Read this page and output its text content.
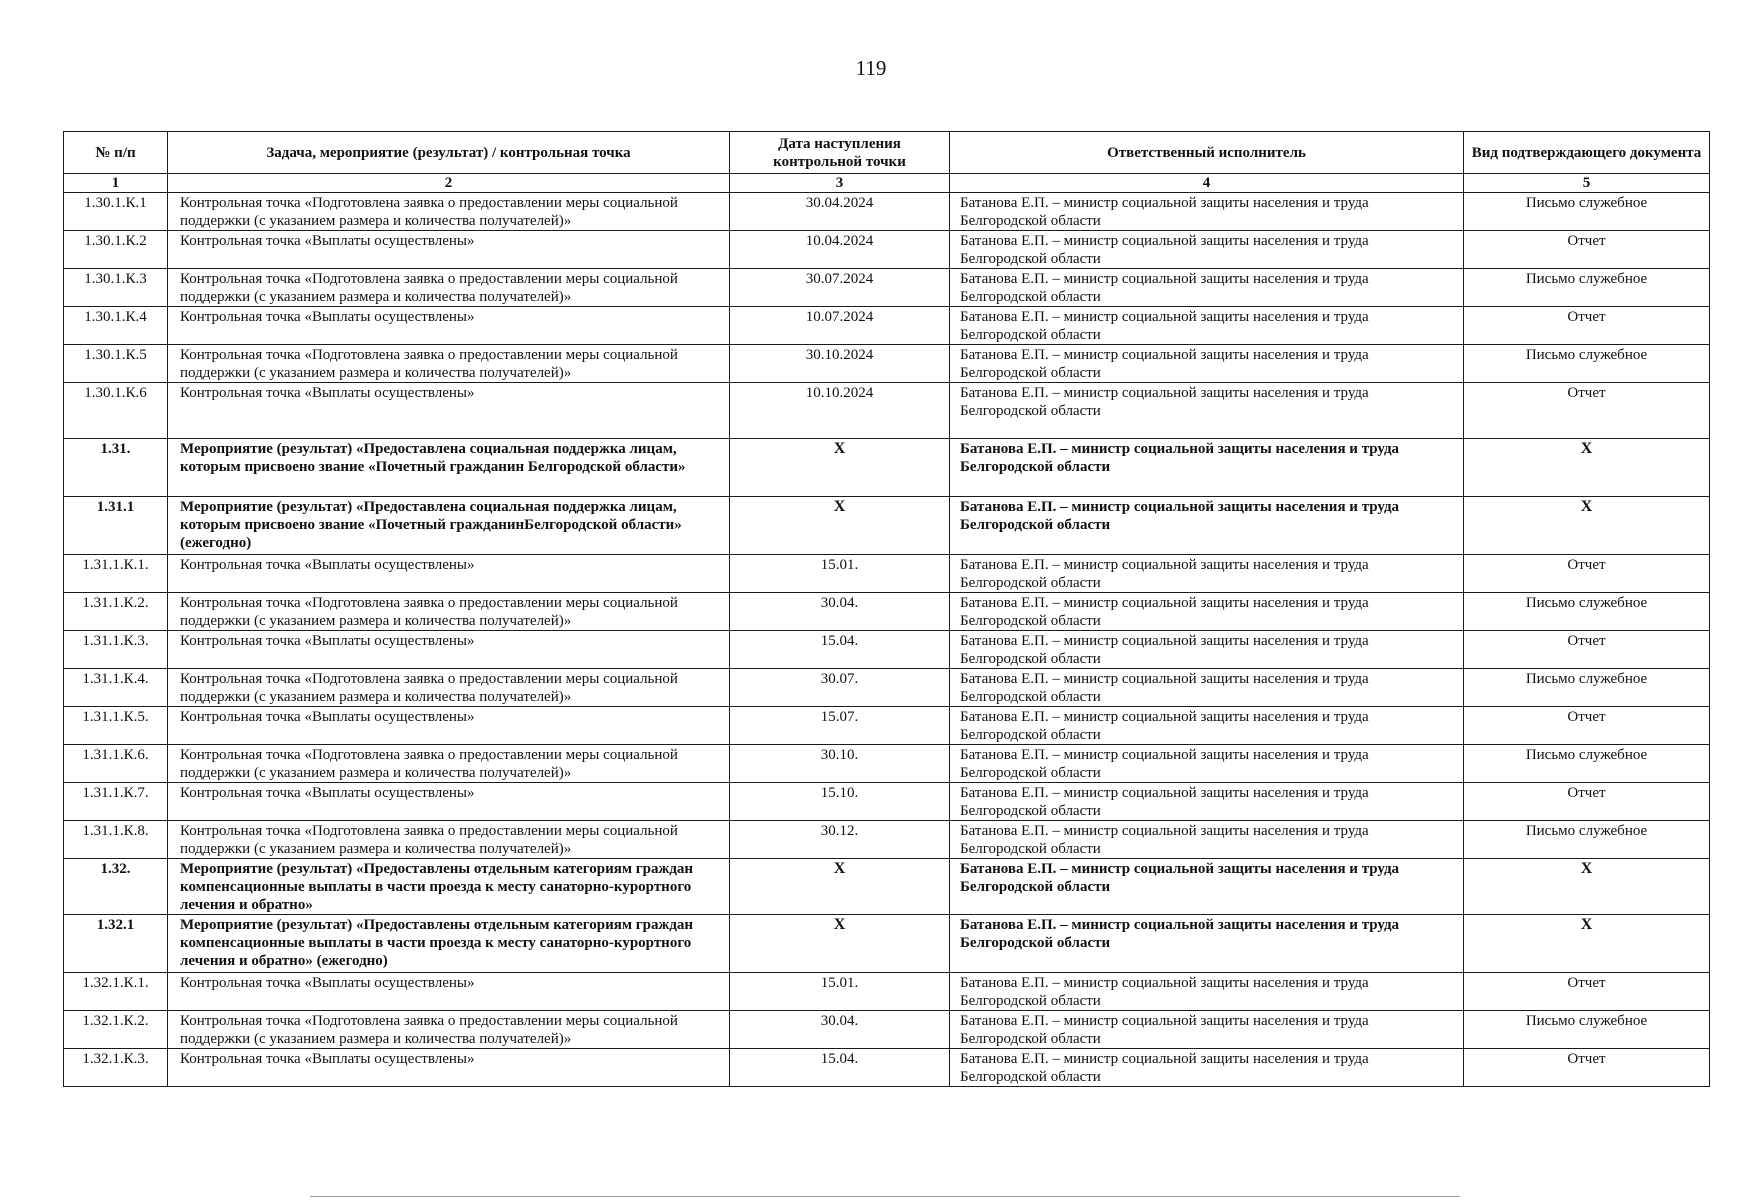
119
№ п/п	Задача, мероприятие (результат) / контрольная точка	Дата наступления контрольной точки	Ответственный исполнитель	Вид подтверждающего документа
1	2	3	4	5
1.30.1.К.1	Контрольная точка «Подготовлена заявка о предоставлении меры социальной поддержки (с указанием размера и количества получателей)»	30.04.2024	Батанова Е.П. – министр социальной защиты населения и труда Белгородской области	Письмо служебное
1.30.1.К.2	Контрольная точка «Выплаты осуществлены»	10.04.2024	Батанова Е.П. – министр социальной защиты населения и труда Белгородской области	Отчет
1.30.1.К.3	Контрольная точка «Подготовлена заявка о предоставлении меры социальной поддержки (с указанием размера и количества получателей)»	30.07.2024	Батанова Е.П. – министр социальной защиты населения и труда Белгородской области	Письмо служебное
1.30.1.К.4	Контрольная точка «Выплаты осуществлены»	10.07.2024	Батанова Е.П. – министр социальной защиты населения и труда Белгородской области	Отчет
1.30.1.К.5	Контрольная точка «Подготовлена заявка о предоставлении меры социальной поддержки (с указанием размера и количества получателей)»	30.10.2024	Батанова Е.П. – министр социальной защиты населения и труда Белгородской области	Письмо служебное
1.30.1.К.6	Контрольная точка «Выплаты осуществлены»	10.10.2024	Батанова Е.П. – министр социальной защиты населения и труда Белгородской области	Отчет
1.31.	Мероприятие (результат) «Предоставлена социальная поддержка лицам, которым присвоено звание «Почетный гражданин Белгородской области»	X	Батанова Е.П. – министр социальной защиты населения и труда Белгородской области	X
1.31.1	Мероприятие (результат) «Предоставлена социальная поддержка лицам, которым присвоено звание «Почетный гражданинБелгородской области» (ежегодно)	X	Батанова Е.П. – министр социальной защиты населения и труда Белгородской области	X
1.31.1.К.1.	Контрольная точка «Выплаты осуществлены»	15.01.	Батанова Е.П. – министр социальной защиты населения и труда Белгородской области	Отчет
1.31.1.К.2.	Контрольная точка «Подготовлена заявка о предоставлении меры социальной поддержки (с указанием размера и количества получателей)»	30.04.	Батанова Е.П. – министр социальной защиты населения и труда Белгородской области	Письмо служебное
1.31.1.К.3.	Контрольная точка «Выплаты осуществлены»	15.04.	Батанова Е.П. – министр социальной защиты населения и труда Белгородской области	Отчет
1.31.1.К.4.	Контрольная точка «Подготовлена заявка о предоставлении меры социальной поддержки (с указанием размера и количества получателей)»	30.07.	Батанова Е.П. – министр социальной защиты населения и труда Белгородской области	Письмо служебное
1.31.1.К.5.	Контрольная точка «Выплаты осуществлены»	15.07.	Батанова Е.П. – министр социальной защиты населения и труда Белгородской области	Отчет
1.31.1.К.6.	Контрольная точка «Подготовлена заявка о предоставлении меры социальной поддержки (с указанием размера и количества получателей)»	30.10.	Батанова Е.П. – министр социальной защиты населения и труда Белгородской области	Письмо служебное
1.31.1.К.7.	Контрольная точка «Выплаты осуществлены»	15.10.	Батанова Е.П. – министр социальной защиты населения и труда Белгородской области	Отчет
1.31.1.К.8.	Контрольная точка «Подготовлена заявка о предоставлении меры социальной поддержки (с указанием размера и количества получателей)»	30.12.	Батанова Е.П. – министр социальной защиты населения и труда Белгородской области	Письмо служебное
1.32.	Мероприятие (результат) «Предоставлены отдельным категориям граждан компенсационные выплаты в части проезда к месту санаторно-курортного лечения и обратно»	X	Батанова Е.П. – министр социальной защиты населения и труда Белгородской области	X
1.32.1	Мероприятие (результат) «Предоставлены отдельным категориям граждан компенсационные выплаты в части проезда к месту санаторно-курортного лечения и обратно» (ежегодно)	X	Батанова Е.П. – министр социальной защиты населения и труда Белгородской области	X
1.32.1.К.1.	Контрольная точка «Выплаты осуществлены»	15.01.	Батанова Е.П. – министр социальной защиты населения и труда Белгородской области	Отчет
1.32.1.К.2.	Контрольная точка «Подготовлена заявка о предоставлении меры социальной поддержки (с указанием размера и количества получателей)»	30.04.	Батанова Е.П. – министр социальной защиты населения и труда Белгородской области	Письмо служебное
1.32.1.К.3.	Контрольная точка «Выплаты осуществлены»	15.04.	Батанова Е.П. – министр социальной защиты населения и труда Белгородской области	Отчет
